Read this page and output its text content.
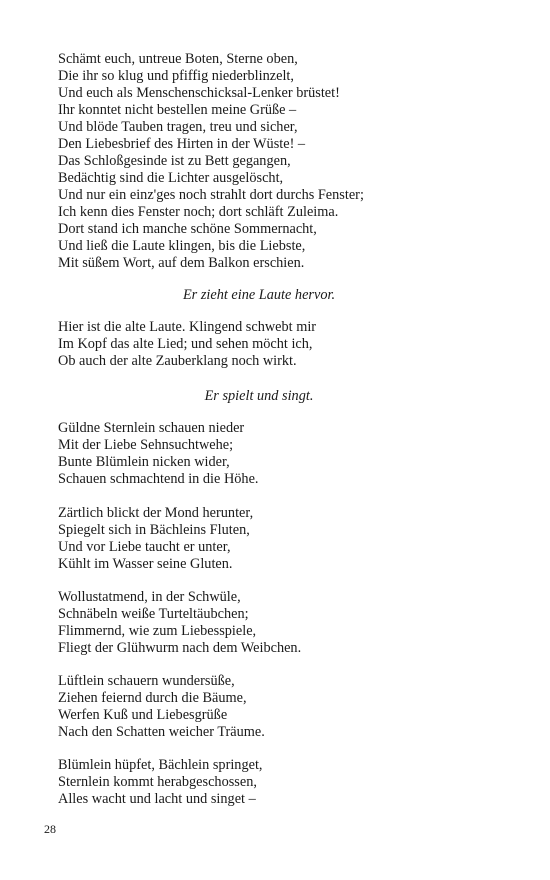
Schämt euch, untreue Boten, Sterne oben,
Die ihr so klug und pfiffig niederblinzelt,
Und euch als Menschenschicksal-Lenker brüstet!
Ihr konntet nicht bestellen meine Grüße –
Und blöde Tauben tragen, treu und sicher,
Den Liebesbrief des Hirten in der Wüste! –
Das Schloßgesinde ist zu Bett gegangen,
Bedächtig sind die Lichter ausgelöscht,
Und nur ein einz'ges noch strahlt dort durchs Fenster;
Ich kenn dies Fenster noch; dort schläft Zuleima.
Dort stand ich manche schöne Sommernacht,
Und ließ die Laute klingen, bis die Liebste,
Mit süßem Wort, auf dem Balkon erschien.
Er zieht eine Laute hervor.
Hier ist die alte Laute. Klingend schwebt mir
Im Kopf das alte Lied; und sehen möcht ich,
Ob auch der alte Zauberklang noch wirkt.
Er spielt und singt.
Güldne Sternlein schauen nieder
Mit der Liebe Sehnsuchtwehe;
Bunte Blümlein nicken wider,
Schauen schmachtend in die Höhe.
Zärtlich blickt der Mond herunter,
Spiegelt sich in Bächleins Fluten,
Und vor Liebe taucht er unter,
Kühlt im Wasser seine Gluten.
Wollustatmend, in der Schwüle,
Schnäbeln weiße Turteltäubchen;
Flimmernd, wie zum Liebesspiele,
Fliegt der Glühwurm nach dem Weibchen.
Lüftlein schauern wundersüße,
Ziehen feiernd durch die Bäume,
Werfen Kuß und Liebesgrüße
Nach den Schatten weicher Träume.
Blümlein hüpfet, Bächlein springet,
Sternlein kommt herabgeschossen,
Alles wacht und lacht und singet –
28
